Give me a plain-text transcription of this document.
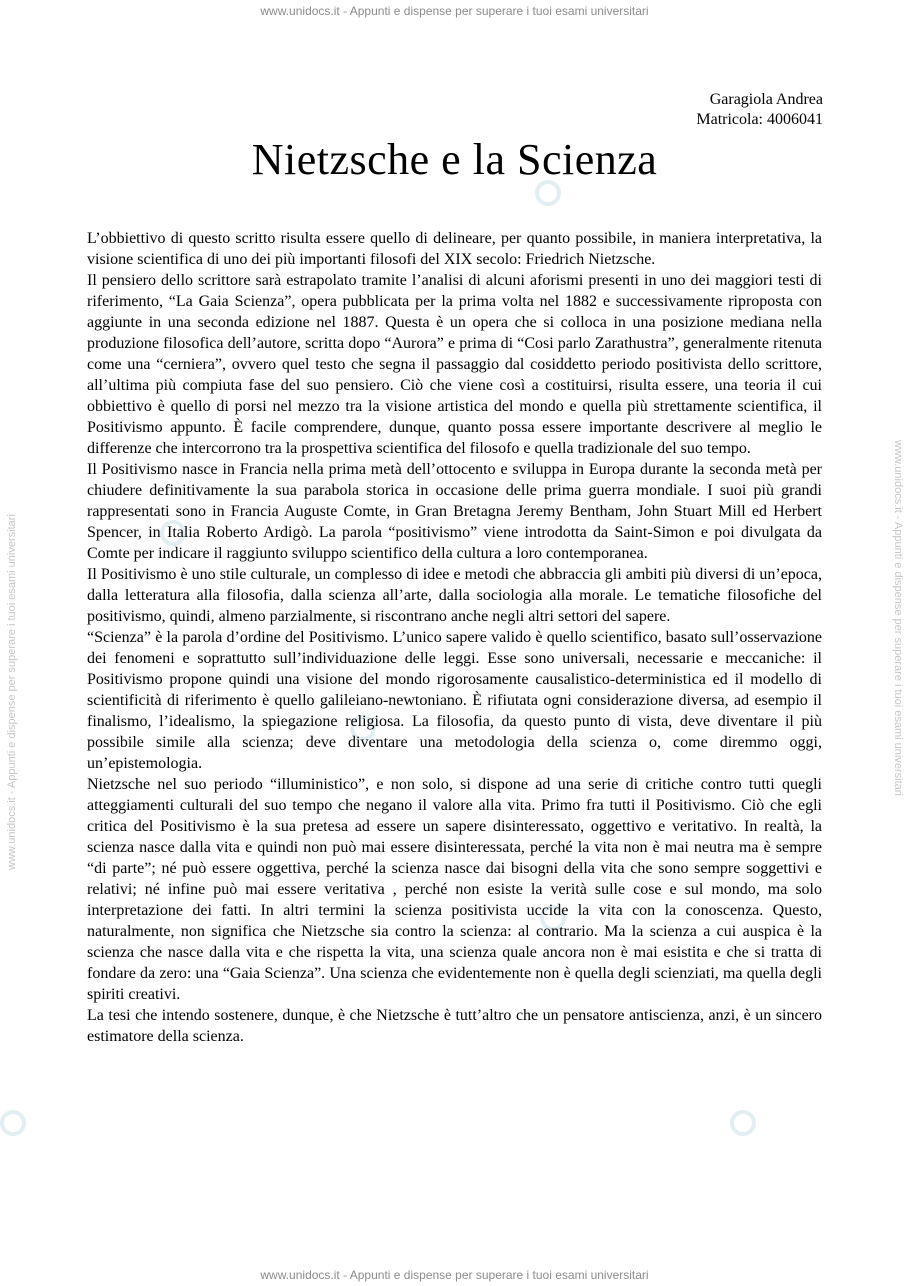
www.unidocs.it - Appunti e dispense per superare i tuoi esami universitari
www.unidocs.it - Appunti e dispense per superare i tuoi esami universitari	www.unidocs.it - Appunti e dispense per superare i tuoi esami universitari
Garagiola Andrea
Matricola: 4006041
Nietzsche e la Scienza

L’obbiettivo di questo scritto risulta essere quello di delineare, per quanto possibile, in maniera interpretativa, la visione scientifica di uno dei più importanti filosofi del XIX secolo: Friedrich Nietzsche.

Il pensiero dello scrittore sarà estrapolato tramite l’analisi di alcuni aforismi presenti in uno dei maggiori testi di riferimento, “La Gaia Scienza”, opera pubblicata per la prima volta nel 1882 e successivamente riproposta con aggiunte in una seconda edizione nel 1887. Questa è un opera che si colloca in una posizione mediana nella produzione filosofica dell’autore, scritta dopo “Aurora” e prima di “Cosi parlo Zarathustra”, generalmente ritenuta come una “cerniera”, ovvero quel testo che segna il passaggio dal cosiddetto periodo positivista dello scrittore, all’ultima più compiuta fase del suo pensiero. Ciò che viene così a costituirsi, risulta essere, una teoria il cui obbiettivo è quello di porsi nel mezzo tra la visione artistica del mondo e quella più strettamente scientifica, il Positivismo appunto. È facile comprendere, dunque, quanto possa essere importante descrivere al meglio le differenze che intercorrono tra la prospettiva scientifica del filosofo e quella tradizionale del suo tempo.

Il Positivismo nasce in Francia nella prima metà dell’ottocento e sviluppa in Europa durante la seconda metà per chiudere definitivamente la sua parabola storica in occasione delle prima guerra mondiale. I suoi più grandi rappresentati sono in Francia Auguste Comte, in Gran Bretagna Jeremy Bentham, John Stuart Mill ed Herbert Spencer, in Italia Roberto Ardigò. La parola “positivismo” viene introdotta da Saint-Simon e poi divulgata da Comte per indicare il raggiunto sviluppo scientifico della cultura a loro contemporanea.

Il Positivismo è uno stile culturale, un complesso di idee e metodi che abbraccia gli ambiti più diversi di un’epoca, dalla letteratura alla filosofia, dalla scienza all’arte, dalla sociologia alla morale. Le tematiche filosofiche del positivismo, quindi, almeno parzialmente, si riscontrano anche negli altri settori del sapere.

“Scienza” è la parola d’ordine del Positivismo. L’unico sapere valido è quello scientifico, basato sull’osservazione dei fenomeni e soprattutto sull’individuazione delle leggi. Esse sono universali, necessarie e meccaniche: il Positivismo propone quindi una visione del mondo rigorosamente causalistico-deterministica ed il modello di scientificità di riferimento è quello galileiano-newtoniano. È rifiutata ogni considerazione diversa, ad esempio il finalismo, l’idealismo, la spiegazione religiosa. La filosofia, da questo punto di vista, deve diventare il più possibile simile alla scienza; deve diventare una metodologia della scienza o, come diremmo oggi, un’epistemologia.

Nietzsche nel suo periodo “illuministico”, e non solo, si dispone ad una serie di critiche contro tutti quegli atteggiamenti culturali del suo tempo che negano il valore alla vita. Primo fra tutti il Positivismo. Ciò che egli critica del Positivismo è la sua pretesa ad essere un sapere disinteressato, oggettivo e veritativo. In realtà, la scienza nasce dalla vita e quindi non può mai essere disinteressata, perché la vita non è mai neutra ma è sempre “di parte”; né può essere oggettiva, perché la scienza nasce dai bisogni della vita che sono sempre soggettivi e relativi; né infine può mai essere veritativa , perché non esiste la verità sulle cose e sul mondo, ma solo interpretazione dei fatti. In altri termini la scienza positivista uccide la vita con la conoscenza. Questo, naturalmente, non significa che Nietzsche sia contro la scienza: al contrario. Ma la scienza a cui auspica è la scienza che nasce dalla vita e che rispetta la vita, una scienza quale ancora non è mai esistita e che si tratta di fondare da zero: una “Gaia Scienza”. Una scienza che evidentemente non è quella degli scienziati, ma quella degli spiriti creativi.

La tesi che intendo sostenere, dunque, è che Nietzsche è tutt’altro che un pensatore antiscienza, anzi, è un sincero estimatore della scienza.

www.unidocs.it - Appunti e dispense per superare i tuoi esami universitari
